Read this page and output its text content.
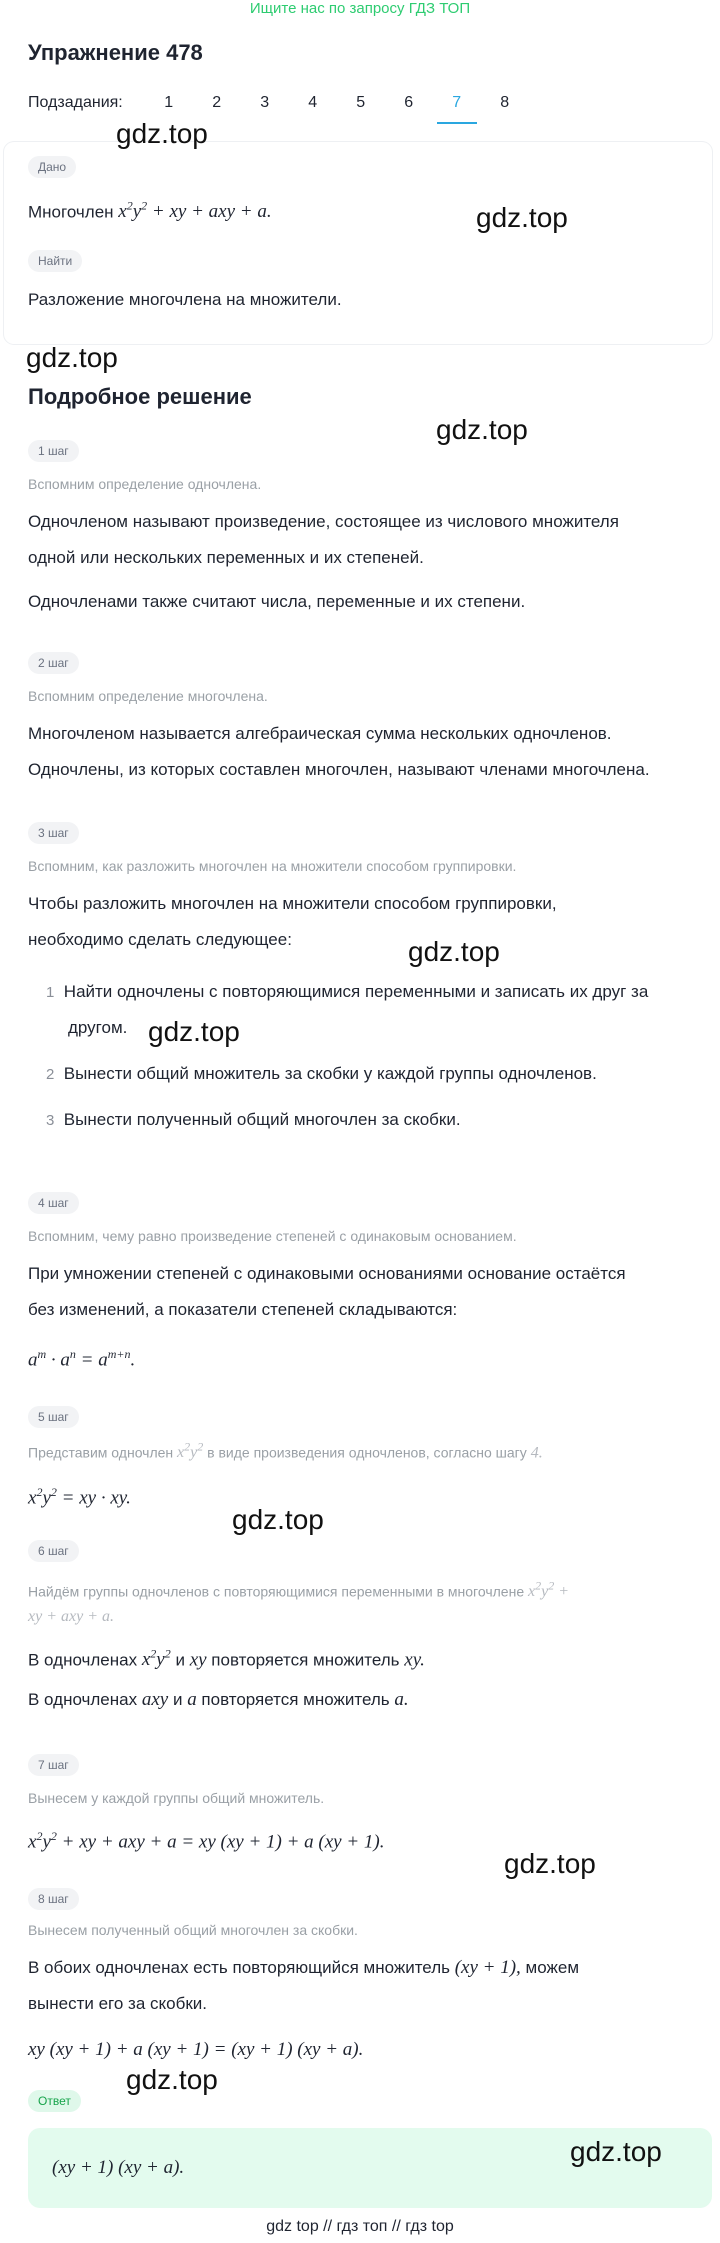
Ищите нас по запросу ГДЗ ТОП
Упражнение 478
Подзадания:	1	2	3	4	5	6	7	8
Дано
Многочлен $x^2y^2$ + xy + axy + a.
Найти
Разложение многочлена на множители.
Подробное решение
1 шаг
Вспомним определение одночлена.
Одночленом называют произведение, состоящее из числового множителя
одной или нескольких переменных и их степеней.
Одночленами также считают числа, переменные и их степени.
2 шаг
Вспомним определение многочлена.
Многочленом называется алгебраическая сумма нескольких одночленов.
Одночлены, из которых составлен многочлен, называют членами многочлена.
3 шаг
Вспомним, как разложить многочлен на множители способом группировки.
Чтобы разложить многочлен на множители способом группировки,
необходимо сделать следующее:
1 Найти одночлены с повторяющимися переменными и записать их друг за
другом.
2 Вынести общий множитель за скобки у каждой группы одночленов.
3 Вынести полученный общий многочлен за скобки.
4 шаг
Вспомним, чему равно произведение степеней с одинаковым основанием.
При умножении степеней с одинаковыми основаниями основание остаётся
без изменений, а показатели степеней складываются:
$a^m \cdot a^n = a^{m+n}$.
5 шаг
Представим одночлен $x^2y^2$ в виде произведения одночленов, согласно шагу 4.
$x^2y^2$ = xy · xy.
6 шаг
Найдём группы одночленов с повторяющимися переменными в многочлене $x^2y^2$ +
xy + axy + a.
В одночленах $x^2y^2$ и xy повторяется множитель xy.
В одночленах axy и a повторяется множитель a.
7 шаг
Вынесем у каждой группы общий множитель.
$x^2y^2$ + xy + axy + a = xy (xy + 1) + a (xy + 1).
8 шаг
Вынесем полученный общий многочлен за скобки.
В обоих одночленах есть повторяющийся множитель (xy + 1), можем
вынести его за скобки.
xy (xy + 1) + a (xy + 1) = (xy + 1) (xy + a).
Ответ
(xy + 1) (xy + a).
gdz.top
gdz.top
gdz.top
gdz.top
gdz.top
gdz.top
gdz.top
gdz.top
gdz.top
gdz.top
gdz top // гдз топ // гдз top
